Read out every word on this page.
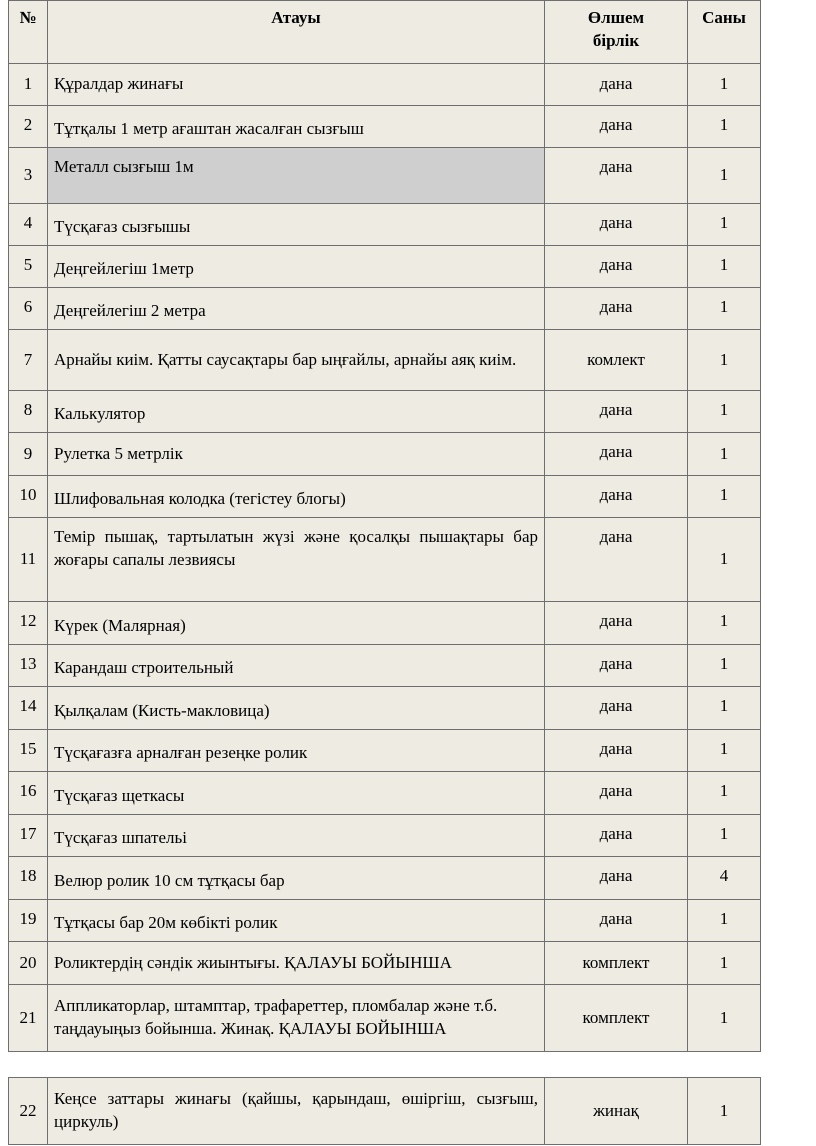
№	Атауы	Өлшем бірлік	Саны
1	Құралдар жинағы	дана	1
2	Тұтқалы 1 метр ағаштан жасалған сызғыш	дана	1
3	Металл сызғыш 1м	дана	1
4	Түсқағаз сызғышы	дана	1
5	Деңгейлегіш 1метр	дана	1
6	Деңгейлегіш 2 метра	дана	1
7	Арнайы киім. Қатты саусақтары бар ыңғайлы, арнайы аяқ киім.	комлект	1
8	Калькулятор	дана	1
9	Рулетка 5 метрлік	дана	1
10	Шлифовальная колодка (тегістеу блогы)	дана	1
11	Темір пышақ, тартылатын жүзі және қосалқы пышақтары бар жоғары сапалы лезвиясы	дана	1
12	Күрек (Малярная)	дана	1
13	Карандаш строительный	дана	1
14	Қылқалам (Кисть-макловица)	дана	1
15	Түсқағазға арналған резеңке ролик	дана	1
16	Түсқағаз щеткасы	дана	1
17	Түсқағаз шпательі	дана	1
18	Велюр ролик 10 см тұтқасы бар	дана	4
19	Тұтқасы бар 20м көбікті ролик	дана	1
20	Роликтердің сәндік жиынтығы. ҚАЛАУЫ БОЙЫНША	комплект	1
21	Аппликаторлар, штамптар, трафареттер, пломбалар және т.б. таңдауыңыз бойынша. Жинақ. ҚАЛАУЫ БОЙЫНША	комплект	1
22	Кеңсе заттары жинағы (қайшы, қарындаш, өшіргіш, сызғыш, циркуль)	жинақ	1
